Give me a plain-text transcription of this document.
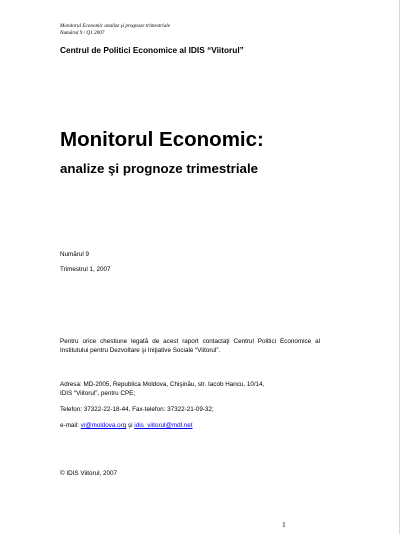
Monitorul Economic analize şi prognoze trimestriale
Numărul 9 / Q1 2007
Centrul de Politici Economice al IDIS “Viitorul”
Monitorul Economic:
analize şi prognoze trimestriale
Numărul 9
Trimestrul 1, 2007
Pentru orice chestiune legată de acest raport contactaţi Centrul Politici Economice al Institutului pentru Dezvoltare şi Iniţiative Sociale “Viitorul”.
Adresa: MD-2005, Republica Moldova, Chişinău, str. Iacob Hancu, 10/14,
IDIS “Viitorul”, pentru CPE;
Telefon: 37322-22-18-44, Fax-telefon: 37322-21-09-32;
e-mail: vi@moldova.org şi idis_viitorul@mdl.net
© IDIS Viitorul, 2007
1
